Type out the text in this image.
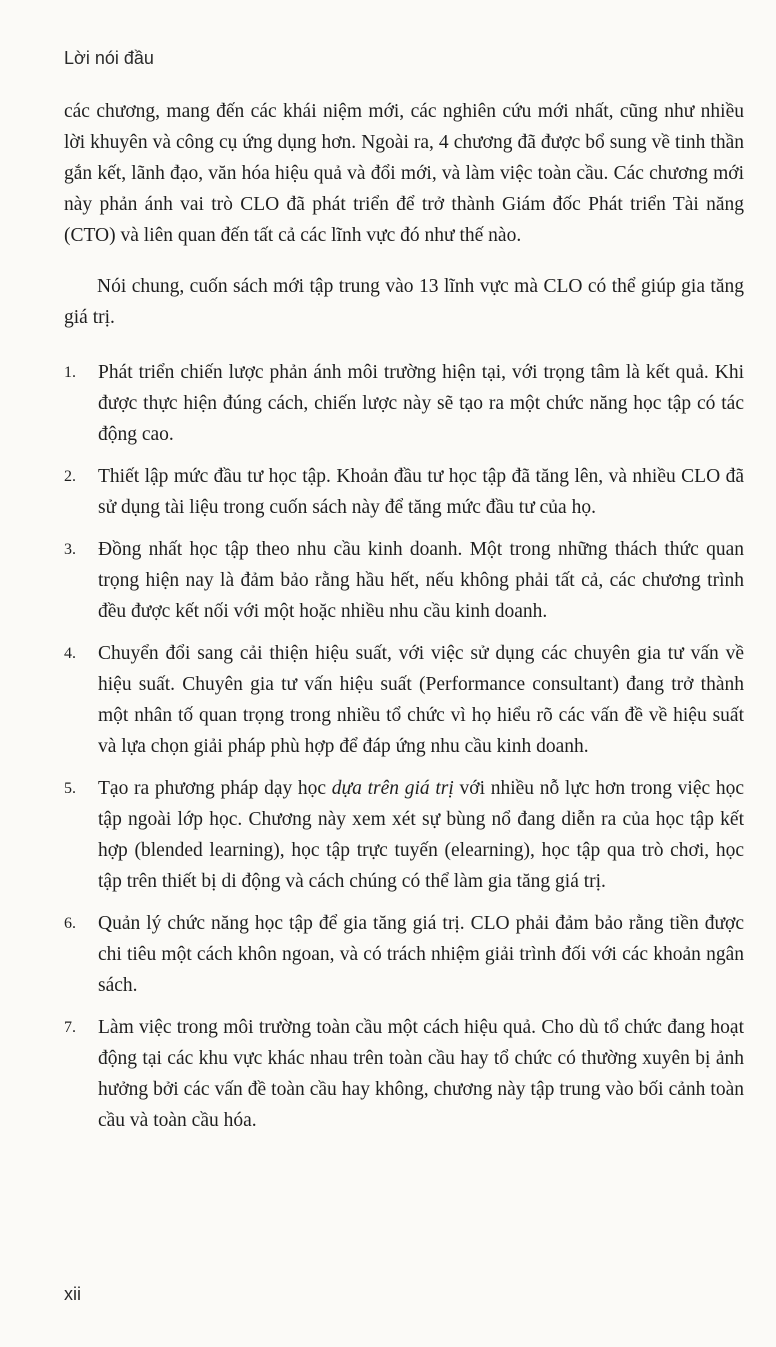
Lời nói đầu

các chương, mang đến các khái niệm mới, các nghiên cứu mới nhất, cũng như nhiều lời khuyên và công cụ ứng dụng hơn. Ngoài ra, 4 chương đã được bổ sung về tinh thần gắn kết, lãnh đạo, văn hóa hiệu quả và đổi mới, và làm việc toàn cầu. Các chương mới này phản ánh vai trò CLO đã phát triển để trở thành Giám đốc Phát triển Tài năng (CTO) và liên quan đến tất cả các lĩnh vực đó như thế nào.

Nói chung, cuốn sách mới tập trung vào 13 lĩnh vực mà CLO có thể giúp gia tăng giá trị.

1.	Phát triển chiến lược phản ánh môi trường hiện tại, với trọng tâm là kết quả. Khi được thực hiện đúng cách, chiến lược này sẽ tạo ra một chức năng học tập có tác động cao.
2.	Thiết lập mức đầu tư học tập. Khoản đầu tư học tập đã tăng lên, và nhiều CLO đã sử dụng tài liệu trong cuốn sách này để tăng mức đầu tư của họ.
3.	Đồng nhất học tập theo nhu cầu kinh doanh. Một trong những thách thức quan trọng hiện nay là đảm bảo rằng hầu hết, nếu không phải tất cả, các chương trình đều được kết nối với một hoặc nhiều nhu cầu kinh doanh.
4.	Chuyển đổi sang cải thiện hiệu suất, với việc sử dụng các chuyên gia tư vấn về hiệu suất. Chuyên gia tư vấn hiệu suất (Performance consultant) đang trở thành một nhân tố quan trọng trong nhiều tổ chức vì họ hiểu rõ các vấn đề về hiệu suất và lựa chọn giải pháp phù hợp để đáp ứng nhu cầu kinh doanh.
5.	Tạo ra phương pháp dạy học dựa trên giá trị với nhiều nỗ lực hơn trong việc học tập ngoài lớp học. Chương này xem xét sự bùng nổ đang diễn ra của học tập kết hợp (blended learning), học tập trực tuyến (elearning), học tập qua trò chơi, học tập trên thiết bị di động và cách chúng có thể làm gia tăng giá trị.
6.	Quản lý chức năng học tập để gia tăng giá trị. CLO phải đảm bảo rằng tiền được chi tiêu một cách khôn ngoan, và có trách nhiệm giải trình đối với các khoản ngân sách.
7.	Làm việc trong môi trường toàn cầu một cách hiệu quả. Cho dù tổ chức đang hoạt động tại các khu vực khác nhau trên toàn cầu hay tổ chức có thường xuyên bị ảnh hưởng bởi các vấn đề toàn cầu hay không, chương này tập trung vào bối cảnh toàn cầu và toàn cầu hóa.
xii
